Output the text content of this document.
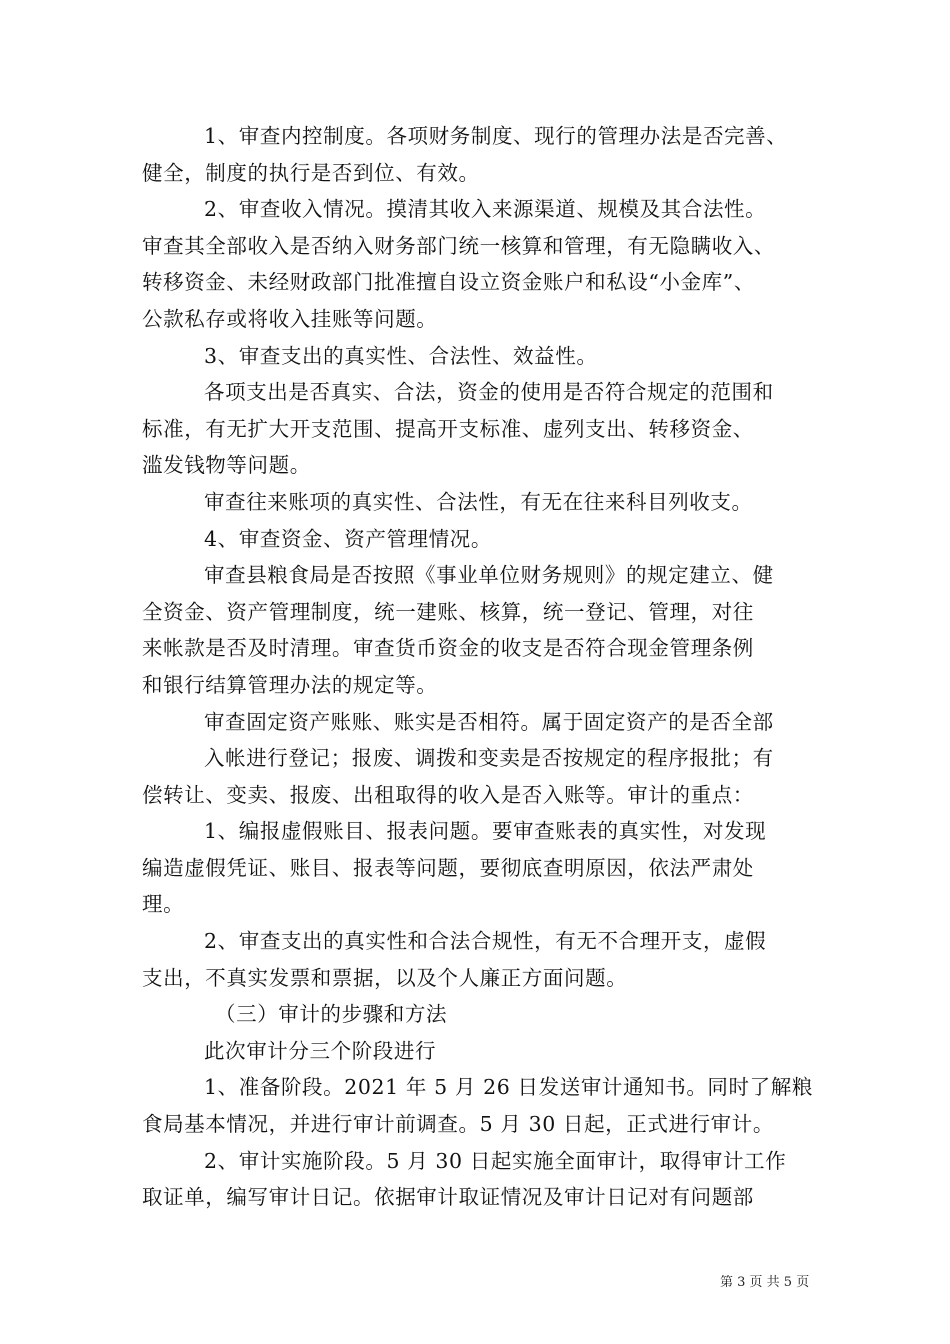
1、审查内控制度。各项财务制度、现行的管理办法是否完善、
健全，制度的执行是否到位、有效。

2、审查收入情况。摸清其收入来源渠道、规模及其合法性。
审查其全部收入是否纳入财务部门统一核算和管理，有无隐瞒收入、
转移资金、未经财政部门批准擅自设立资金账户和私设“小金库”、
公款私存或将收入挂账等问题。

3、审查支出的真实性、合法性、效益性。

各项支出是否真实、合法，资金的使用是否符合规定的范围和
标准，有无扩大开支范围、提高开支标准、虚列支出、转移资金、
滥发钱物等问题。

审查往来账项的真实性、合法性，有无在往来科目列收支。

4、审查资金、资产管理情况。

审查县粮食局是否按照《事业单位财务规则》的规定建立、健
全资金、资产管理制度，统一建账、核算，统一登记、管理，对往
来帐款是否及时清理。审查货币资金的收支是否符合现金管理条例
和银行结算管理办法的规定等。

审查固定资产账账、账实是否相符。属于固定资产的是否全部
入帐进行登记；报废、调拨和变卖是否按规定的程序报批；有
偿转让、变卖、报废、出租取得的收入是否入账等。审计的重点：

1、编报虚假账目、报表问题。要审查账表的真实性，对发现
编造虚假凭证、账目、报表等问题，要彻底查明原因，依法严肃处
理。

2、审查支出的真实性和合法合规性，有无不合理开支，虚假
支出，不真实发票和票据，以及个人廉正方面问题。

（三）审计的步骤和方法

此次审计分三个阶段进行

1、准备阶段。2021 年 5 月 26 日发送审计通知书。同时了解粮
食局基本情况，并进行审计前调查。5 月 30 日起，正式进行审计。

2、审计实施阶段。5 月 30 日起实施全面审计，取得审计工作
取证单，编写审计日记。依据审计取证情况及审计日记对有问题部

第 3 页 共 5 页
